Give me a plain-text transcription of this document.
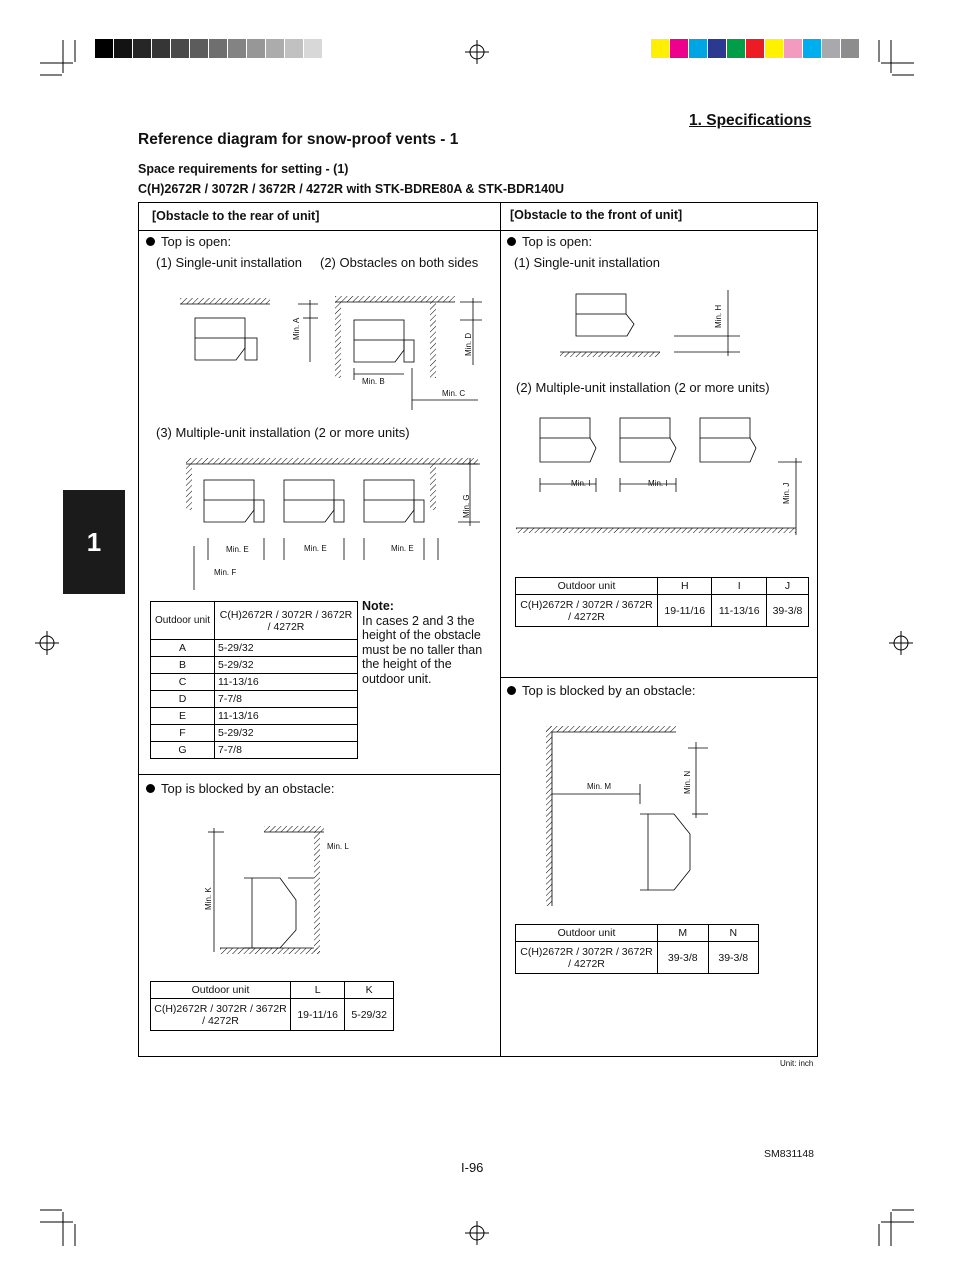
1. Specifications
Reference diagram for snow-proof vents - 1
Space requirements for setting - (1)
C(H)2672R / 3072R / 3672R / 4272R with STK-BDRE80A & STK-BDR140U
[Obstacle to the rear of unit]	[Obstacle to the front of unit]
Top is open:
(1) Single-unit installation (2) Obstacles on both sides
(3) Multiple-unit installation (2 or more units)
Min. A
Min. D
Min. B
Min. C
Min. G
Min. E	Min. E	Min. E
Min. F
Outdoor unit	C(H)2672R / 3072R / 3672R / 4272R
A	5-29/32
B	5-29/32
C	11-13/16
D	7-7/8
E	11-13/16
F	5-29/32
G	7-7/8
Note:
In cases 2 and 3 the height of the obstacle must be no taller than the height of the outdoor unit.
Top is blocked by an obstacle:
Min. K
Min. L
Outdoor unit	L	K
C(H)2672R / 3072R / 3672R / 4272R	19-11/16	5-29/32
Top is open:
(1) Single-unit installation
Min. H
(2) Multiple-unit installation (2 or more units)
Min. I	Min. I	Min. J
Outdoor unit	H	I	J
C(H)2672R / 3072R / 3672R / 4272R	19-11/16	11-13/16	39-3/8
Top is blocked by an obstacle:
Min. M	Min. N
Outdoor unit	M	N
C(H)2672R / 3072R / 3672R / 4272R	39-3/8	39-3/8
Unit: inch
SM831148
I-96
1
